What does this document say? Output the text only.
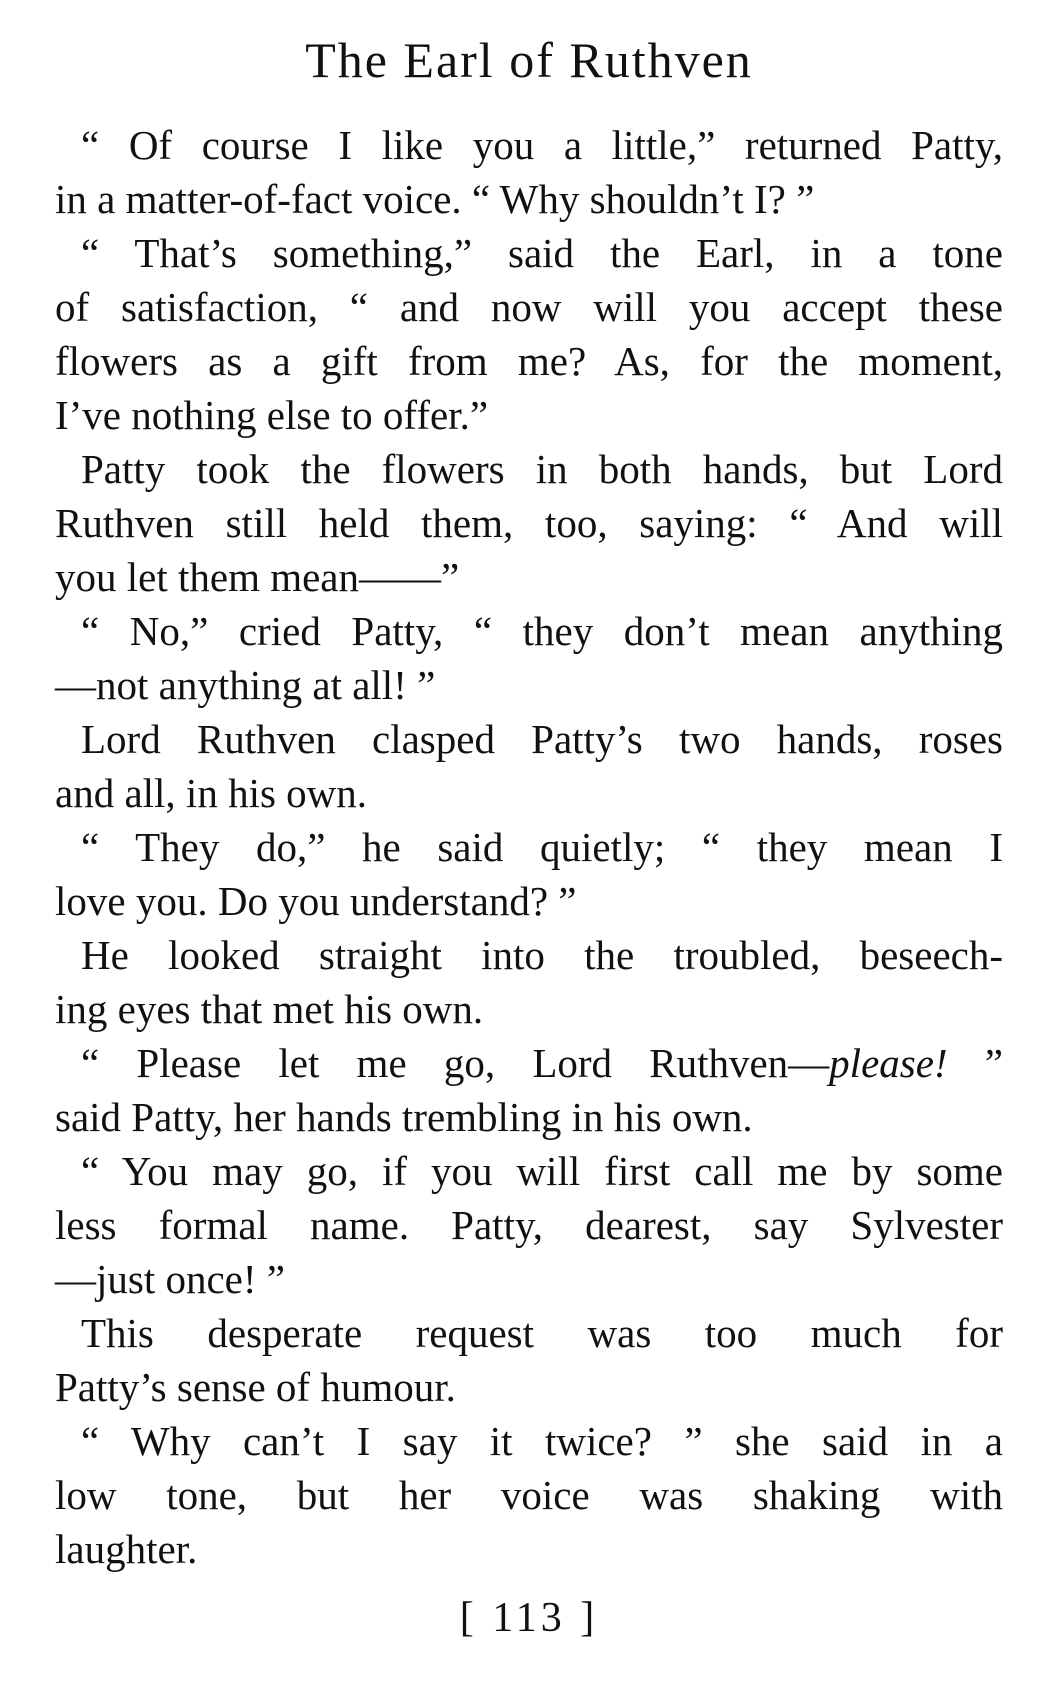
The Earl of Ruthven
“ Of course I like you a little,” returned Patty,
in a matter-of-fact voice. “ Why shouldn’t I? ”
“ That’s something,” said the Earl, in a tone
of satisfaction, “ and now will you accept these
flowers as a gift from me? As, for the moment,
I’ve nothing else to offer.”
Patty took the flowers in both hands, but Lord
Ruthven still held them, too, saying: “ And will
you let them mean——”
“ No,” cried Patty, “ they don’t mean anything
—not anything at all! ”
Lord Ruthven clasped Patty’s two hands, roses
and all, in his own.
“ They do,” he said quietly; “ they mean I
love you. Do you understand? ”
He looked straight into the troubled, beseech-
ing eyes that met his own.
“ Please let me go, Lord Ruthven—please! ”
said Patty, her hands trembling in his own.
“ You may go, if you will first call me by some
less formal name. Patty, dearest, say Sylvester
—just once! ”
This desperate request was too much for
Patty’s sense of humour.
“ Why can’t I say it twice? ” she said in a
low tone, but her voice was shaking with
laughter.
[ 113 ]
